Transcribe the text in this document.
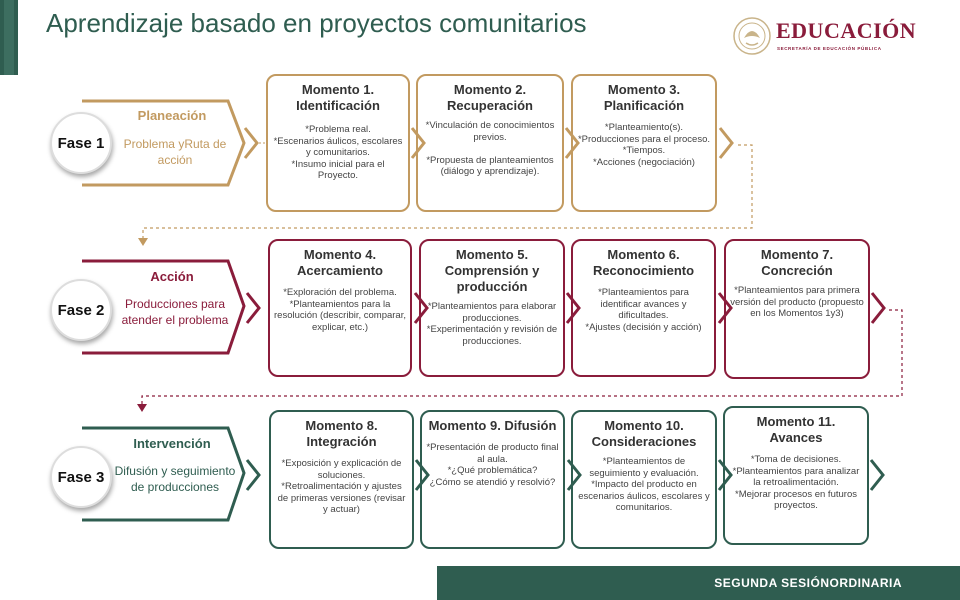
Aprendizaje basado en proyectos comunitarios	EDUCACIÓN
SECRETARÍA DE EDUCACIÓN PÚBLICA
Planeación
Problema yRuta de acción
Fase 1
Acción
Producciones para atender el problema
Fase 2
Intervención
Difusión y seguimiento de producciones
Fase 3
Momento 1. Identificación
*Problema real.
*Escenarios áulicos, escolares y comunitarios.
*Insumo inicial para el Proyecto.
Momento 2. Recuperación
*Vinculación de conocimientos previos.

*Propuesta de planteamientos (diálogo y aprendizaje).
Momento 3. Planificación
*Planteamiento(s).
*Producciones para el proceso.
*Tiempos.
*Acciones (negociación)
Momento 4. Acercamiento
*Exploración del problema.
*Planteamientos para la resolución (describir, comparar, explicar, etc.)
Momento 5. Comprensión y producción
*Planteamientos para elaborar producciones.
*Experimentación y revisión de producciones.
Momento 6. Reconocimiento
*Planteamientos para identificar avances y dificultades.
*Ajustes (decisión y acción)
Momento 7. Concreción
*Planteamientos para primera versión del producto (propuesto en los Momentos 1y3)
Momento 8. Integración
*Exposición y explicación de soluciones.
*Retroalimentación y ajustes de primeras versiones (revisar y actuar)
Momento 9. Difusión
*Presentación de producto final al aula.
*¿Qué problemática?
¿Cómo se atendió y resolvió?
Momento 10. Consideraciones
*Planteamientos de seguimiento y evaluación.
*Impacto del producto en escenarios áulicos, escolares y comunitarios.
Momento 11. Avances
*Toma de decisiones.
*Planteamientos para analizar la retroalimentación.
*Mejorar procesos en futuros proyectos.
SEGUNDA SESIÓNORDINARIA
